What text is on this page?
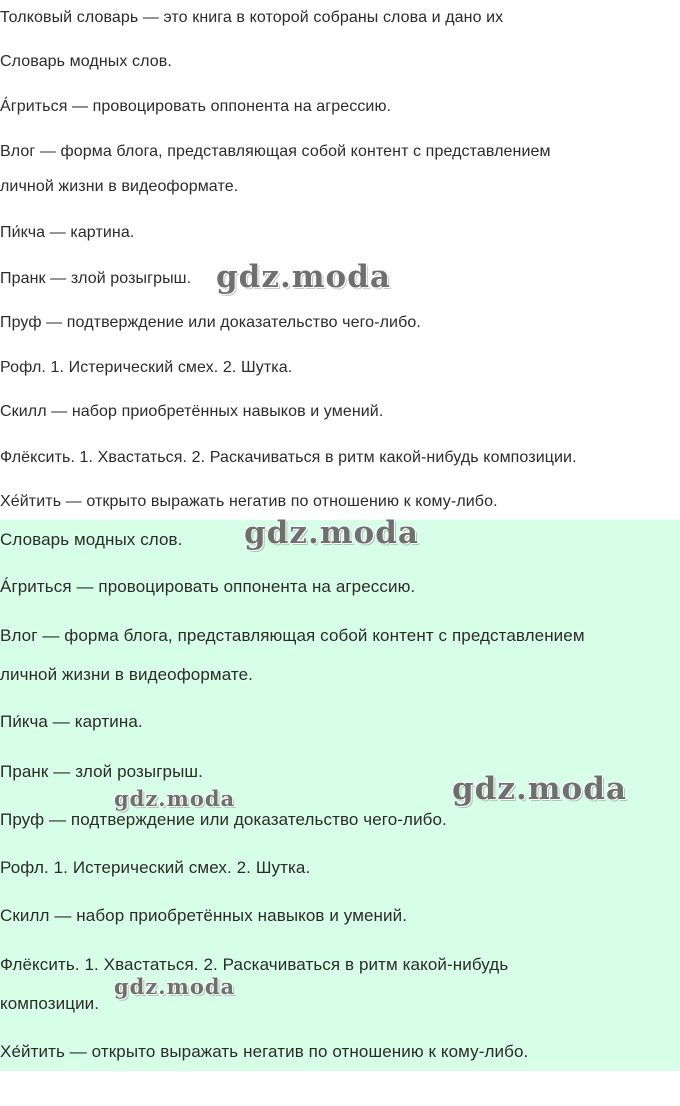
Толковый словарь — это книга в которой собраны слова и дано их
Словарь модных слов.
А́гриться — провоцировать оппонента на агрессию.
Влог — форма блога, представляющая собой контент с представлением
личной жизни в видеоформате.
Пи́кча — картина.
Пранк — злой розыгрыш.
Пруф — подтверждение или доказательство чего-либо.
Рофл. 1. Истерический смех. 2. Шутка.
Скилл — набор приобретённых навыков и умений.
Флёксить. 1. Хвастаться. 2. Раскачиваться в ритм какой-нибудь композиции.
Хе́йтить — открыто выражать негатив по отношению к кому-либо.
Словарь модных слов.
А́гриться — провоцировать оппонента на агрессию.
Влог — форма блога, представляющая собой контент с представлением
личной жизни в видеоформате.
Пи́кча — картина.
Пранк — злой розыгрыш.
Пруф — подтверждение или доказательство чего-либо.
Рофл. 1. Истерический смех. 2. Шутка.
Скилл — набор приобретённых навыков и умений.
Флёксить. 1. Хвастаться. 2. Раскачиваться в ритм какой-нибудь
композиции.
Хе́йтить — открыто выражать негатив по отношению к кому-либо.
gdz.moda
gdz.moda
gdz.moda
gdz.moda
gdz.moda
